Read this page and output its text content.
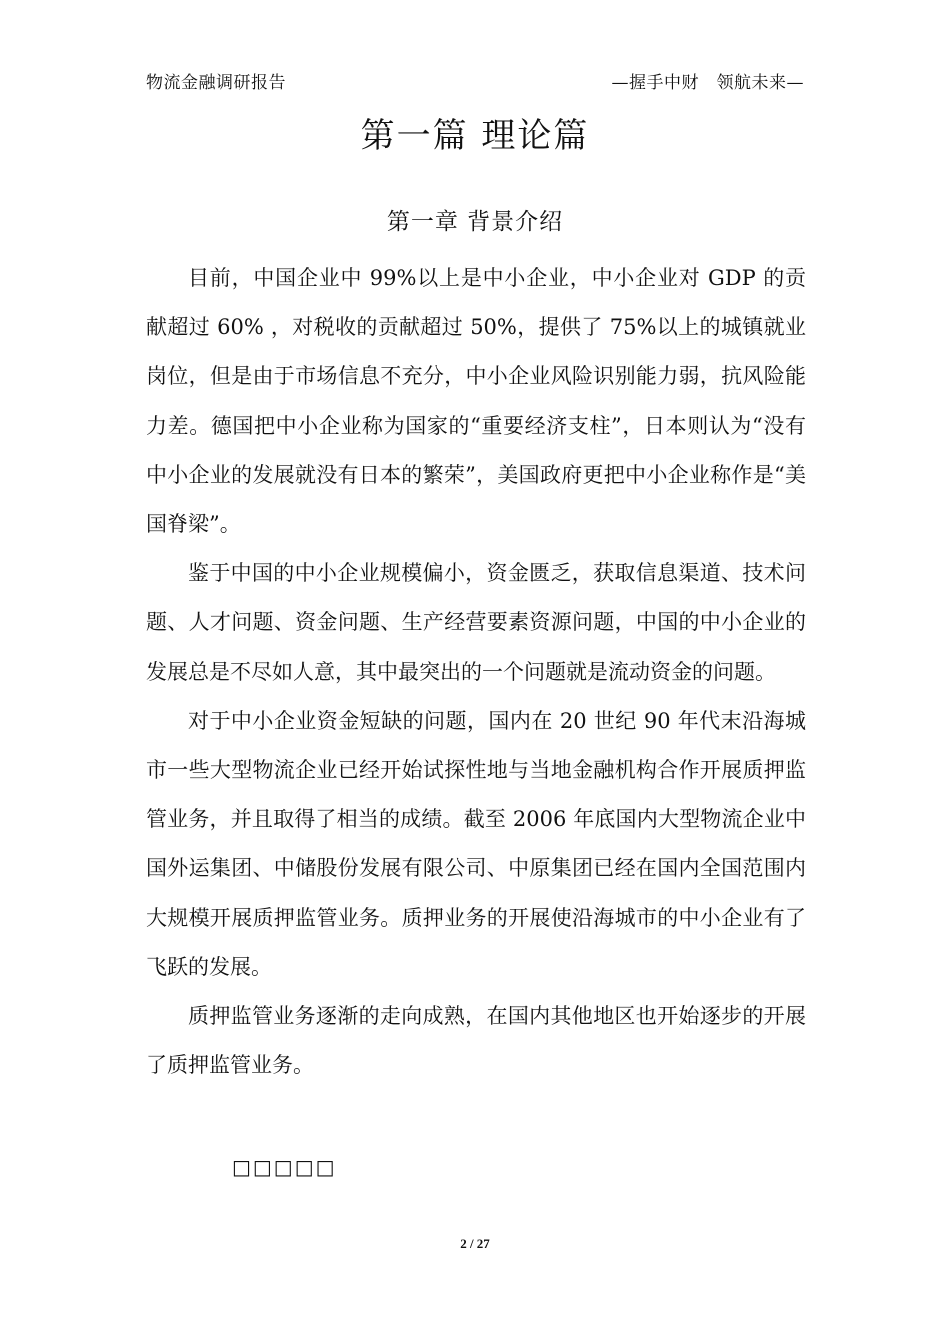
物流金融调研报告	—握手中财　领航未来—
第一篇 理论篇
第一章 背景介绍

目前，中国企业中 99%以上是中小企业，中小企业对 GDP 的贡献超过 60% ，对税收的贡献超过 50%，提供了 75%以上的城镇就业岗位，但是由于市场信息不充分，中小企业风险识别能力弱，抗风险能力差。德国把中小企业称为国家的“重要经济支柱”，日本则认为“没有中小企业的发展就没有日本的繁荣”，美国政府更把中小企业称作是“美国脊梁”。

鉴于中国的中小企业规模偏小，资金匮乏，获取信息渠道、技术问题、人才问题、资金问题、生产经营要素资源问题，中国的中小企业的发展总是不尽如人意，其中最突出的一个问题就是流动资金的问题。

对于中小企业资金短缺的问题，国内在 20 世纪 90 年代末沿海城市一些大型物流企业已经开始试探性地与当地金融机构合作开展质押监管业务，并且取得了相当的成绩。截至 2006 年底国内大型物流企业中国外运集团、中储股份发展有限公司、中原集团已经在国内全国范围内大规模开展质押监管业务。质押业务的开展使沿海城市的中小企业有了飞跃的发展。

质押监管业务逐渐的走向成熟，在国内其他地区也开始逐步的开展了质押监管业务。

□□□□□
2 / 27
